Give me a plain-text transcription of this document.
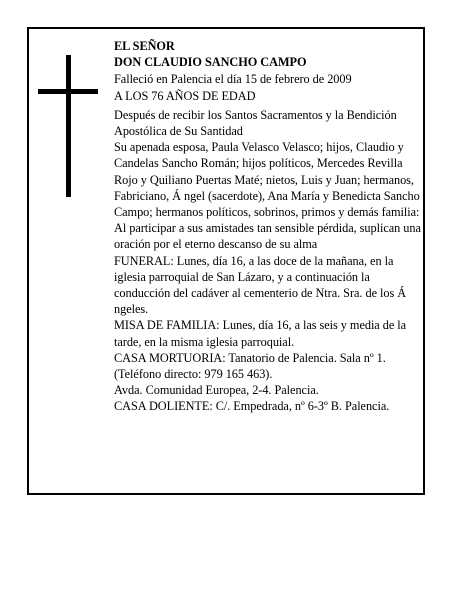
EL SEÑOR

DON CLAUDIO SANCHO CAMPO

Falleció en Palencia el día 15 de febrero de 2009

A LOS 76 AÑOS DE EDAD

Después de recibir los Santos Sacramentos y la Bendición Apostólica de Su Santidad

Su apenada esposa, Paula Velasco Velasco; hijos, Claudio y Candelas Sancho Román; hijos políticos, Mercedes Revilla Rojo y Quiliano Puertas Maté; nietos, Luis y Juan; hermanos, Fabriciano, Á ngel (sacerdote), Ana María y Benedicta Sancho Campo; hermanos políticos, sobrinos, primos y demás familia:

Al participar a sus amistades tan sensible pérdida, suplican una oración por el eterno descanso de su alma

FUNERAL: Lunes, día 16, a las doce de la mañana, en la iglesia parroquial de San Lázaro, y a continuación la conducción del cadáver al cementerio de Ntra. Sra. de los Á ngeles.

MISA DE FAMILIA: Lunes, día 16, a las seis y media de la tarde, en la misma iglesia parroquial.

CASA MORTUORIA: Tanatorio de Palencia. Sala nº 1. (Teléfono directo: 979 165 463).

Avda. Comunidad Europea, 2-4. Palencia.

CASA DOLIENTE: C/. Empedrada, nº 6-3º B. Palencia.
